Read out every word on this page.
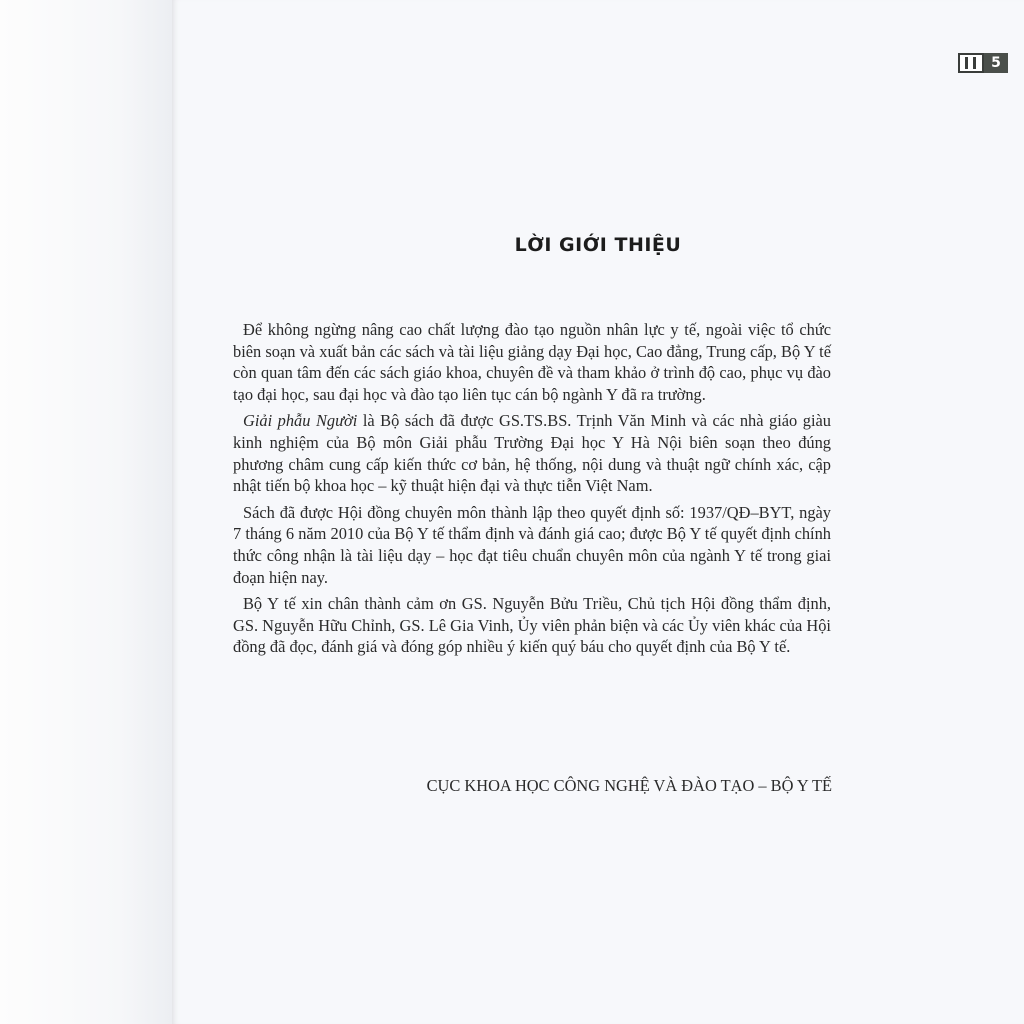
5
LỜI GIỚI THIỆU

Để không ngừng nâng cao chất lượng đào tạo nguồn nhân lực y tế, ngoài việc tổ chức biên soạn và xuất bản các sách và tài liệu giảng dạy Đại học, Cao đẳng, Trung cấp, Bộ Y tế còn quan tâm đến các sách giáo khoa, chuyên đề và tham khảo ở trình độ cao, phục vụ đào tạo đại học, sau đại học và đào tạo liên tục cán bộ ngành Y đã ra trường.

Giải phẫu Người là Bộ sách đã được GS.TS.BS. Trịnh Văn Minh và các nhà giáo giàu kinh nghiệm của Bộ môn Giải phẫu Trường Đại học Y Hà Nội biên soạn theo đúng phương châm cung cấp kiến thức cơ bản, hệ thống, nội dung và thuật ngữ chính xác, cập nhật tiến bộ khoa học – kỹ thuật hiện đại và thực tiễn Việt Nam.

Sách đã được Hội đồng chuyên môn thành lập theo quyết định số: 1937/QĐ–BYT, ngày 7 tháng 6 năm 2010 của Bộ Y tế thẩm định và đánh giá cao; được Bộ Y tế quyết định chính thức công nhận là tài liệu dạy – học đạt tiêu chuẩn chuyên môn của ngành Y tế trong giai đoạn hiện nay.

Bộ Y tế xin chân thành cảm ơn GS. Nguyễn Bửu Triều, Chủ tịch Hội đồng thẩm định, GS. Nguyễn Hữu Chỉnh, GS. Lê Gia Vinh, Ủy viên phản biện và các Ủy viên khác của Hội đồng đã đọc, đánh giá và đóng góp nhiều ý kiến quý báu cho quyết định của Bộ Y tế.

CỤC KHOA HỌC CÔNG NGHỆ VÀ ĐÀO TẠO – BỘ Y TẾ
